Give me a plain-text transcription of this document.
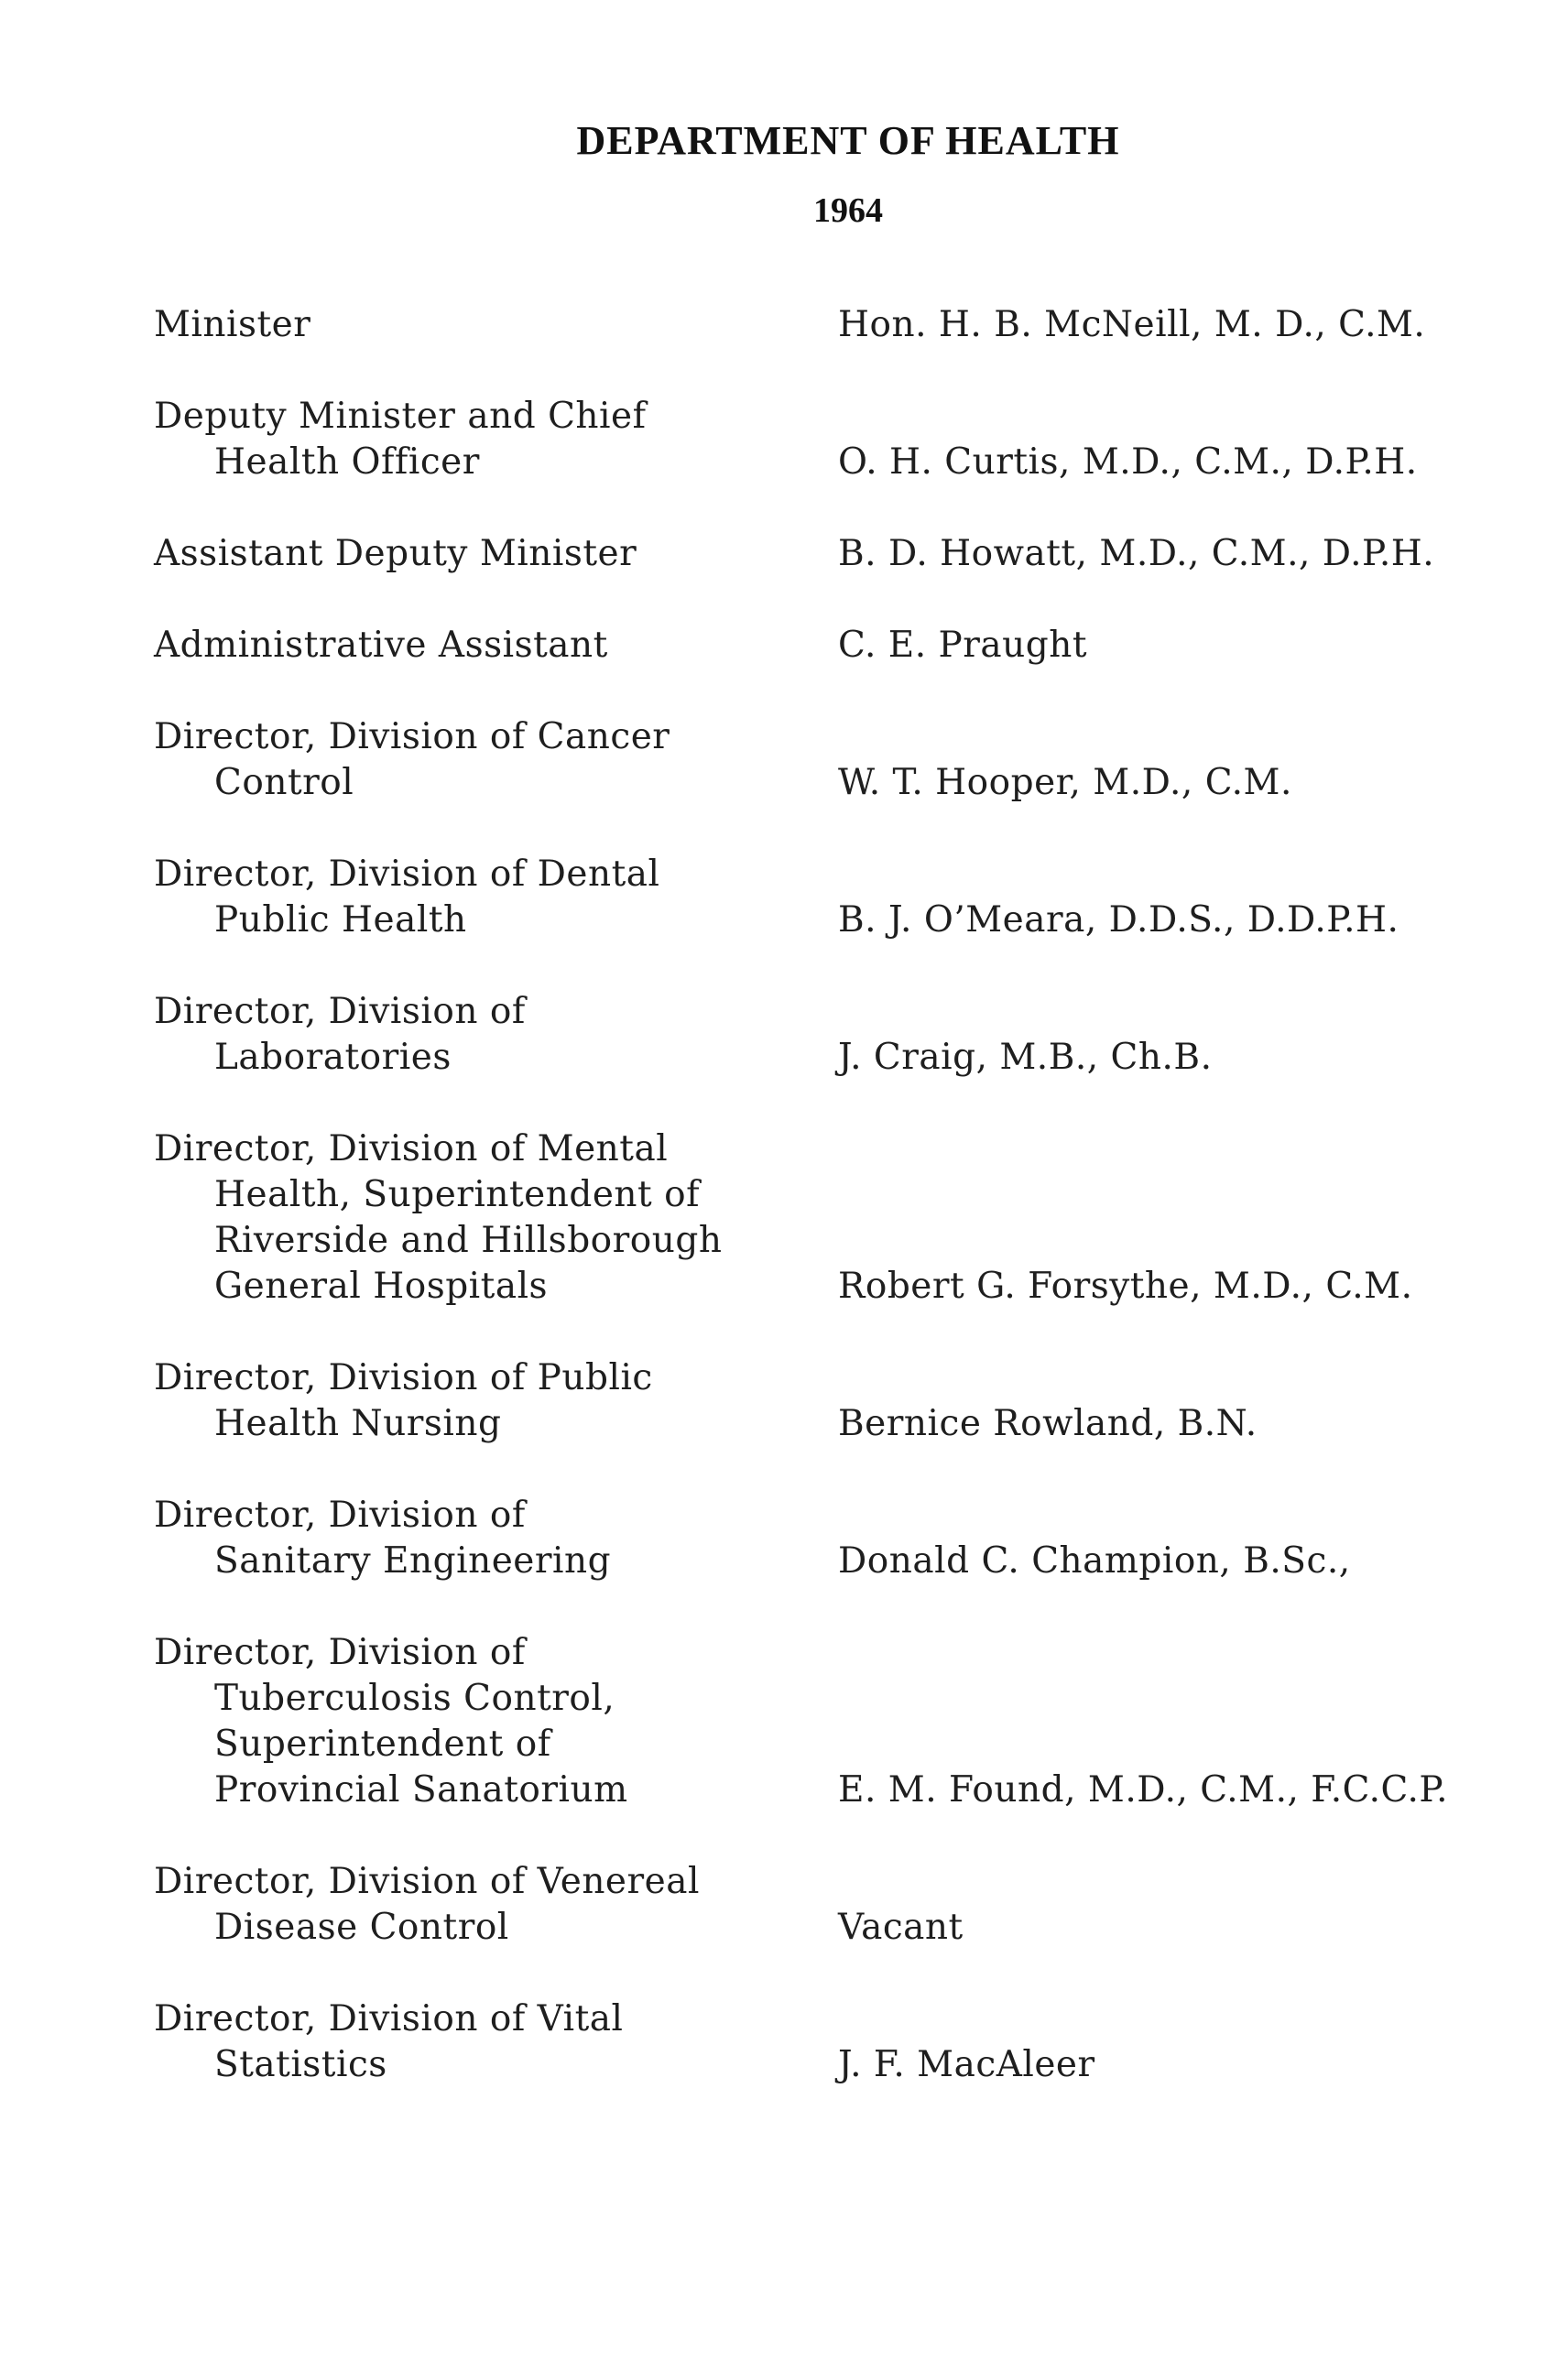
DEPARTMENT OF HEALTH
1964
Minister	Hon. H. B. McNeill, M. D., C.M.
Deputy Minister and Chief
Health Officer	O. H. Curtis, M.D., C.M., D.P.H.
Assistant Deputy Minister	B. D. Howatt, M.D., C.M., D.P.H.
Administrative Assistant	C. E. Praught
Director, Division of Cancer
Control	W. T. Hooper, M.D., C.M.
Director, Division of Dental
Public Health	B. J. O’Meara, D.D.S., D.D.P.H.
Director, Division of
Laboratories	J. Craig, M.B., Ch.B.
Director, Division of Mental
Health, Superintendent of
Riverside and Hillsborough
General Hospitals	Robert G. Forsythe, M.D., C.M.
Director, Division of Public
Health Nursing	Bernice Rowland, B.N.
Director, Division of
Sanitary Engineering	Donald C. Champion, B.Sc.,
Director, Division of
Tuberculosis Control,
Superintendent of
Provincial Sanatorium	E. M. Found, M.D., C.M., F.C.C.P.
Director, Division of Venereal
Disease Control	Vacant
Director, Division of Vital
Statistics	J. F. MacAleer
